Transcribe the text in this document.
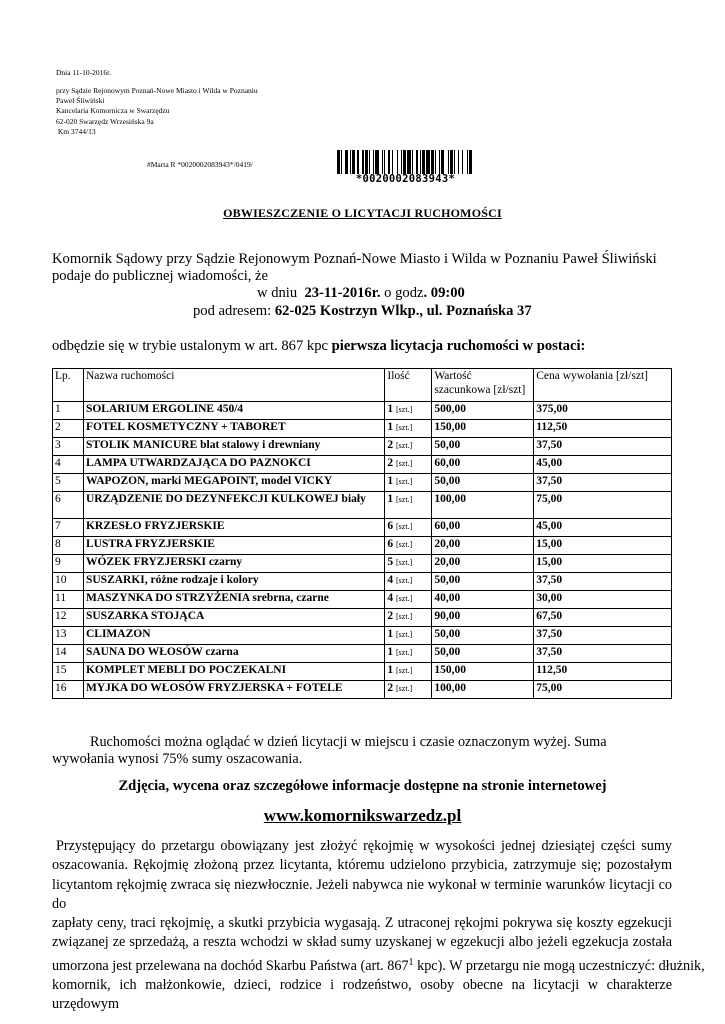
Dnia 11-10-2016r.
przy Sądzie Rejonowym Poznań-Nowe Miasto i Wilda w Poznaniu
Paweł Śliwiński
Kancelaria Komornicza w Swarzędzu
62-020 Swarzędz Wrzesińska 9a
Km 3744/13
#Marta R *0020002083943*/0419/
*0020002083943*
OBWIESZCZENIE O LICYTACJI RUCHOMOŚCI
Komornik Sądowy przy Sądzie Rejonowym Poznań-Nowe Miasto i Wilda w Poznaniu Paweł Śliwiński
podaje do publicznej wiadomości, że
w dniu  23-11-2016r. o godz. 09:00
pod adresem: 62-025 Kostrzyn Wlkp., ul. Poznańska 37
odbędzie się w trybie ustalonym w art. 867 kpc pierwsza licytacja ruchomości w postaci:
Lp.	Nazwa ruchomości	Ilość	Wartość
szacunkowa [zł/szt]	Cena wywołania [zł/szt]
1	SOLARIUM ERGOLINE 450/4	1 [szt.]	500,00	375,00
2	FOTEL KOSMETYCZNY + TABORET	1 [szt.]	150,00	112,50
3	STOLIK MANICURE blat stalowy i drewniany	2 [szt.]	50,00	37,50
4	LAMPA UTWARDZAJĄCA DO PAZNOKCI	2 [szt.]	60,00	45,00
5	WAPOZON, marki MEGAPOINT, model VICKY	1 [szt.]	50,00	37,50
6	URZĄDZENIE DO DEZYNFEKCJI KULKOWEJ biały	1 [szt.]	100,00	75,00
7	KRZESŁO FRYZJERSKIE	6 [szt.]	60,00	45,00
8	LUSTRA FRYZJERSKIE	6 [szt.]	20,00	15,00
9	WÓZEK FRYZJERSKI czarny	5 [szt.]	20,00	15,00
10	SUSZARKI, różne rodzaje i kolory	4 [szt.]	50,00	37,50
11	MASZYNKA DO STRZYŻENIA srebrna, czarne	4 [szt.]	40,00	30,00
12	SUSZARKA STOJĄCA	2 [szt.]	90,00	67,50
13	CLIMAZON	1 [szt.]	50,00	37,50
14	SAUNA DO WŁOSÓW czarna	1 [szt.]	50,00	37,50
15	KOMPLET MEBLI DO POCZEKALNI	1 [szt.]	150,00	112,50
16	MYJKA DO WŁOSÓW FRYZJERSKA + FOTELE	2 [szt.]	100,00	75,00
Ruchomości można oglądać w dzień licytacji w miejscu i czasie oznaczonym wyżej. Suma
wywołania wynosi 75% sumy oszacowania.
Zdjęcia, wycena oraz szczegółowe informacje dostępne na stronie internetowej
www.komornikswarzedz.pl
Przystępujący do przetargu obowiązany jest złożyć rękojmię w wysokości jednej dziesiątej części sumy
oszacowania. Rękojmię złożoną przez licytanta, któremu udzielono przybicia, zatrzymuje się; pozostałym
licytantom rękojmię zwraca się niezwłocznie. Jeżeli nabywca nie wykonał w terminie warunków licytacji co do
zapłaty ceny, traci rękojmię, a skutki przybicia wygasają. Z utraconej rękojmi pokrywa się koszty egzekucji
związanej ze sprzedażą, a reszta wchodzi w skład sumy uzyskanej w egzekucji albo jeżeli egzekucja została
umorzona jest przelewana na dochód Skarbu Państwa (art. $867^1$ kpc). W przetargu nie mogą uczestniczyć: dłużnik,
komornik, ich małżonkowie, dzieci, rodzice i rodzeństwo, osoby obecne na licytacji w charakterze urzędowym
